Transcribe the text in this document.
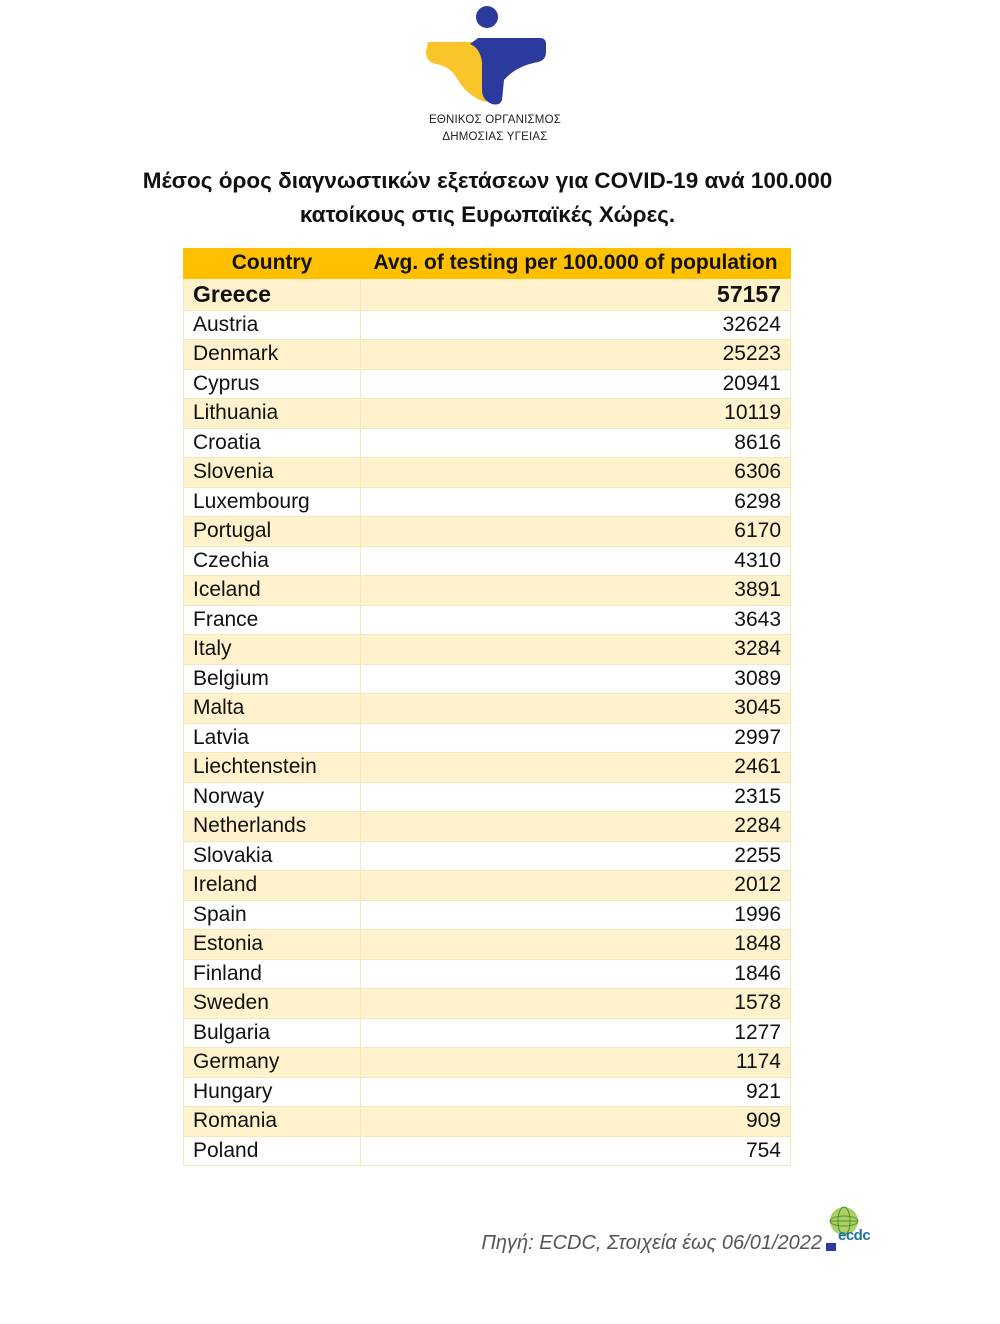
ΕΘΝΙΚΟΣ ΟΡΓΑΝΙΣΜΟΣ
ΔΗΜΟΣΙΑΣ ΥΓΕΙΑΣ
Μέσος όρος διαγνωστικών εξετάσεων για COVID-19 ανά 100.000
κατοίκους στις Ευρωπαϊκές Χώρες.
Country	Avg. of testing per 100.000 of population
Greece	57157
Austria	32624
Denmark	25223
Cyprus	20941
Lithuania	10119
Croatia	8616
Slovenia	6306
Luxembourg	6298
Portugal	6170
Czechia	4310
Iceland	3891
France	3643
Italy	3284
Belgium	3089
Malta	3045
Latvia	2997
Liechtenstein	2461
Norway	2315
Netherlands	2284
Slovakia	2255
Ireland	2012
Spain	1996
Estonia	1848
Finland	1846
Sweden	1578
Bulgaria	1277
Germany	1174
Hungary	921
Romania	909
Poland	754
Πηγή: ECDC, Στοιχεία έως 06/01/2022 ecdc
